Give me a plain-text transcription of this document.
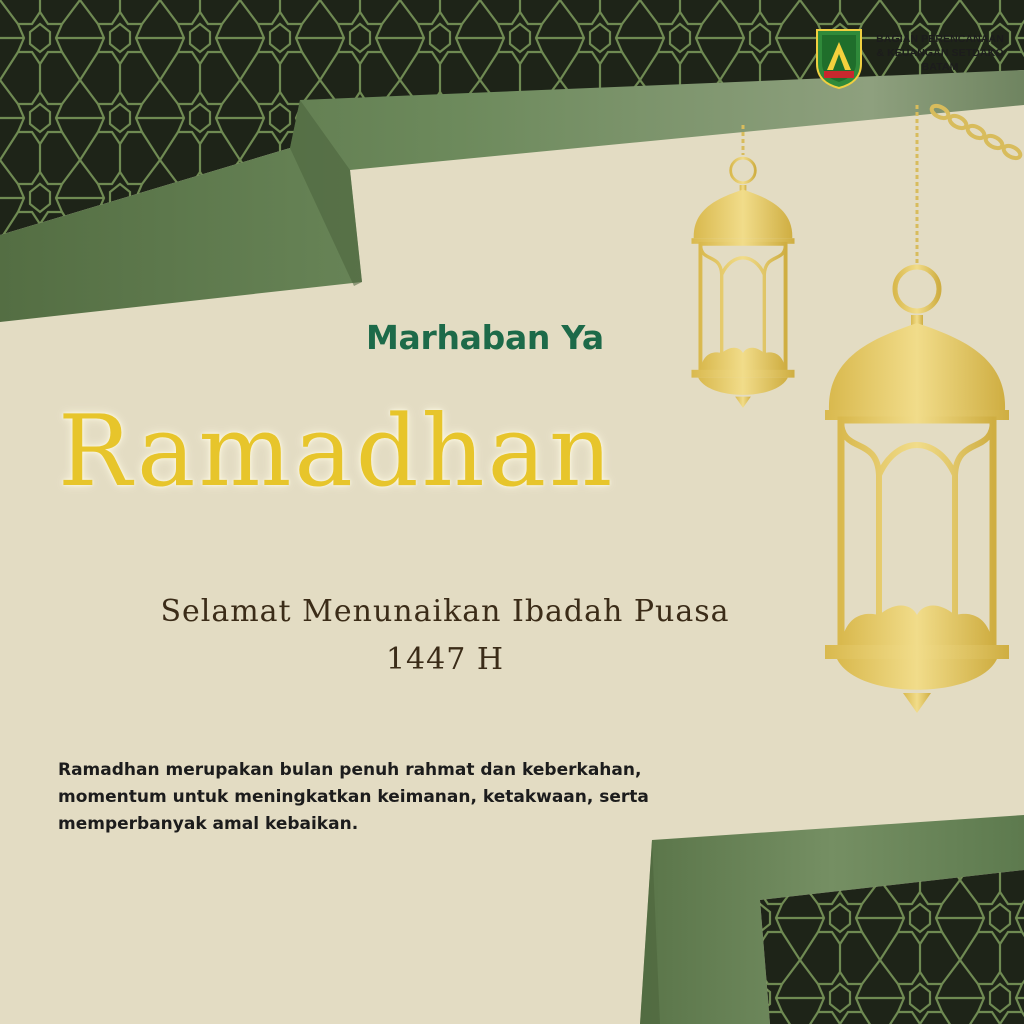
BAGIAN PERENCANAAN
& KEUANGAN SETDAKO
BATAM
Marhaban Ya
Ramadhan
Selamat Menunaikan Ibadah Puasa
1447 H
Ramadhan merupakan bulan penuh rahmat dan keberkahan,
momentum untuk meningkatkan keimanan, ketakwaan, serta
memperbanyak amal kebaikan.
